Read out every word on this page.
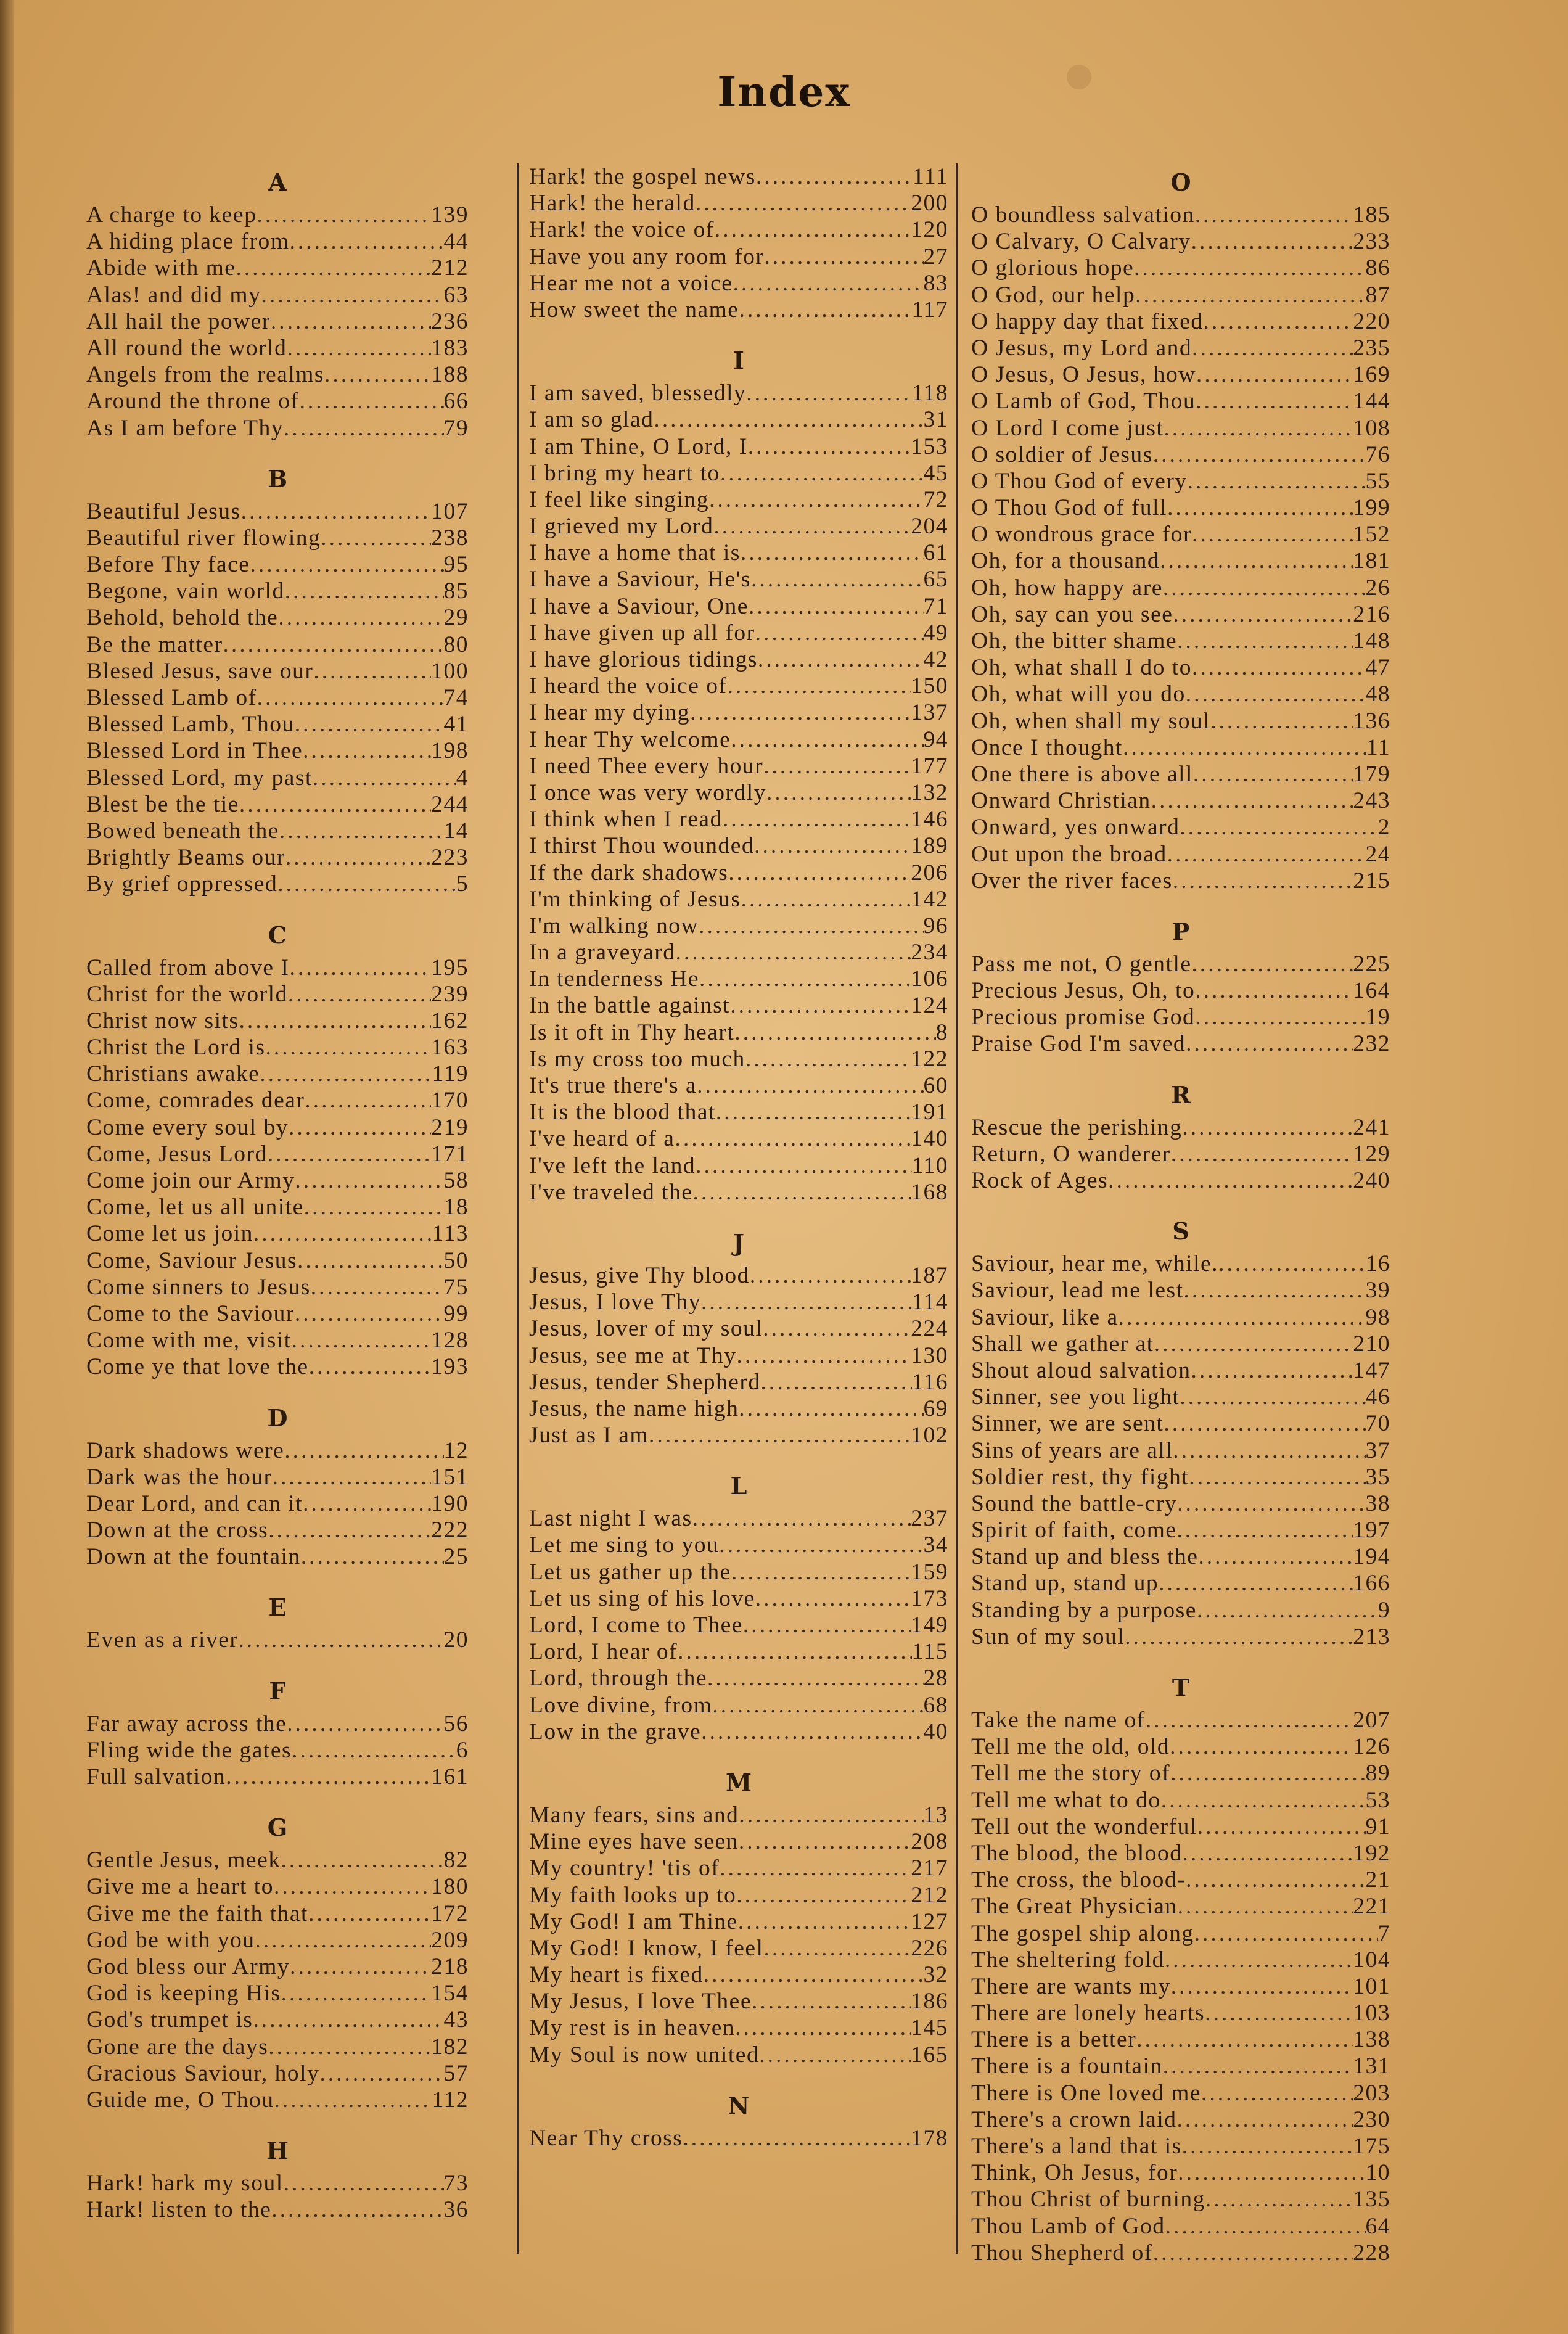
Index
A
A charge to keep .....	139
A hiding place from .....	44
Abide with me .....	212
Alas! and did my .....	63
All hail the power .....	236
All round the world .....	183
Angels from the realms .....	188
Around the throne of .....	66
As I am before Thy .....	79
B
Beautiful Jesus .....	107
Beautiful river flowing .....	238
Before Thy face .....	95
Begone, vain world .....	85
Behold, behold the .....	29
Be the matter .....	80
Blesed Jesus, save our .....	100
Blessed Lamb of .....	74
Blessed Lamb, Thou .....	41
Blessed Lord in Thee .....	198
Blessed Lord, my past .....	4
Blest be the tie .....	244
Bowed beneath the .....	14
Brightly Beams our .....	223
By grief oppressed .....	5
C
Called from above I .....	195
Christ for the world .....	239
Christ now sits .....	162
Christ the Lord is .....	163
Christians awake .....	119
Come, comrades dear .....	170
Come every soul by .....	219
Come, Jesus Lord .....	171
Come join our Army .....	58
Come, let us all unite .....	18
Come let us join .....	113
Come, Saviour Jesus .....	50
Come sinners to Jesus .....	75
Come to the Saviour .....	99
Come with me, visit .....	128
Come ye that love the .....	193
D
Dark shadows were .....	12
Dark was the hour .....	151
Dear Lord, and can it .....	190
Down at the cross .....	222
Down at the fountain .....	25
E
Even as a river .....	20
F
Far away across the .....	56
Fling wide the gates .....	6
Full salvation .....	161
G
Gentle Jesus, meek .....	82
Give me a heart to .....	180
Give me the faith that .....	172
God be with you .....	209
God bless our Army .....	218
God is keeping His .....	154
God's trumpet is .....	43
Gone are the days .....	182
Gracious Saviour, holy .....	57
Guide me, O Thou .....	112
H
Hark! hark my soul .....	73
Hark! listen to the .....	36
Hark! the gospel news .....	111
Hark! the herald .....	200
Hark! the voice of .....	120
Have you any room for .....	27
Hear me not a voice .....	83
How sweet the name .....	117
I
I am saved, blessedly .....	118
I am so glad .....	31
I am Thine, O Lord, I .....	153
I bring my heart to .....	45
I feel like singing .....	72
I grieved my Lord .....	204
I have a home that is .....	61
I have a Saviour, He's .....	65
I have a Saviour, One .....	71
I have given up all for .....	49
I have glorious tidings .....	42
I heard the voice of .....	150
I hear my dying .....	137
I hear Thy welcome .....	94
I need Thee every hour .....	177
I once was very wordly .....	132
I think when I read .....	146
I thirst Thou wounded .....	189
If the dark shadows .....	206
I'm thinking of Jesus .....	142
I'm walking now .....	96
In a graveyard .....	234
In tenderness He .....	106
In the battle against .....	124
Is it oft in Thy heart .....	8
Is my cross too much .....	122
It's true there's a .....	60
It is the blood that .....	191
I've heard of a .....	140
I've left the land .....	110
I've traveled the .....	168
J
Jesus, give Thy blood .....	187
Jesus, I love Thy .....	114
Jesus, lover of my soul .....	224
Jesus, see me at Thy .....	130
Jesus, tender Shepherd .....	116
Jesus, the name high .....	69
Just as I am .....	102
L
Last night I was .....	237
Let me sing to you .....	34
Let us gather up the .....	159
Let us sing of his love .....	173
Lord, I come to Thee .....	149
Lord, I hear of .....	115
Lord, through the .....	28
Love divine, from .....	68
Low in the grave .....	40
M
Many fears, sins and .....	13
Mine eyes have seen .....	208
My country! 'tis of .....	217
My faith looks up to .....	212
My God! I am Thine .....	127
My God! I know, I feel .....	226
My heart is fixed .....	32
My Jesus, I love Thee .....	186
My rest is in heaven .....	145
My Soul is now united .....	165
N
Near Thy cross .....	178
O
O boundless salvation .....	185
O Calvary, O Calvary .....	233
O glorious hope .....	86
O God, our help .....	87
O happy day that fixed .....	220
O Jesus, my Lord and .....	235
O Jesus, O Jesus, how .....	169
O Lamb of God, Thou .....	144
O Lord I come just .....	108
O soldier of Jesus .....	76
O Thou God of every .....	55
O Thou God of full .....	199
O wondrous grace for .....	152
Oh, for a thousand .....	181
Oh, how happy are .....	26
Oh, say can you see .....	216
Oh, the bitter shame .....	148
Oh, what shall I do to .....	47
Oh, what will you do .....	48
Oh, when shall my soul .....	136
Once I thought .....	11
One there is above all .....	179
Onward Christian .....	243
Onward, yes onward .....	2
Out upon the broad .....	24
Over the river faces .....	215
P
Pass me not, O gentle .....	225
Precious Jesus, Oh, to .....	164
Precious promise God .....	19
Praise God I'm saved .....	232
R
Rescue the perishing .....	241
Return, O wanderer .....	129
Rock of Ages .....	240
S
Saviour, hear me, while. .....	16
Saviour, lead me lest .....	39
Saviour, like a .....	98
Shall we gather at .....	210
Shout aloud salvation .....	147
Sinner, see you light .....	46
Sinner, we are sent .....	70
Sins of years are all .....	37
Soldier rest, thy fight .....	35
Sound the battle-cry .....	38
Spirit of faith, come .....	197
Stand up and bless the .....	194
Stand up, stand up .....	166
Standing by a purpose .....	9
Sun of my soul .....	213
T
Take the name of .....	207
Tell me the old, old .....	126
Tell me the story of .....	89
Tell me what to do .....	53
Tell out the wonderful .....	91
The blood, the blood .....	192
The cross, the blood- .....	21
The Great Physician .....	221
The gospel ship along .....	7
The sheltering fold .....	104
There are wants my .....	101
There are lonely hearts .....	103
There is a better .....	138
There is a fountain .....	131
There is One loved me .....	203
There's a crown laid .....	230
There's a land that is .....	175
Think, Oh Jesus, for .....	10
Thou Christ of burning .....	135
Thou Lamb of God .....	64
Thou Shepherd of .....	228
